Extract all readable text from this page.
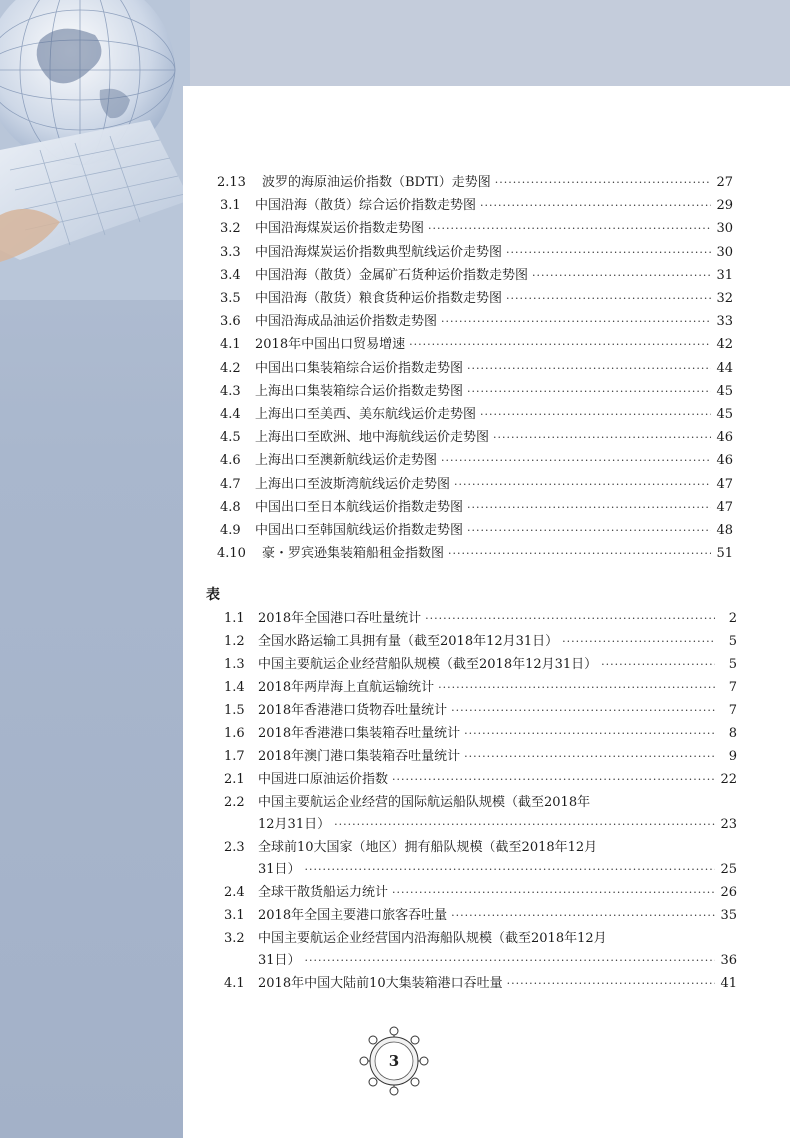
2.13	波罗的海原油运价指数（BDTI）走势图 ·····	27
3.1	中国沿海（散货）综合运价指数走势图 ·····	29
3.2	中国沿海煤炭运价指数走势图 ·····	30
3.3	中国沿海煤炭运价指数典型航线运价走势图 ·····	30
3.4	中国沿海（散货）金属矿石货种运价指数走势图 ·····	31
3.5	中国沿海（散货）粮食货种运价指数走势图 ·····	32
3.6	中国沿海成品油运价指数走势图 ·····	33
4.1	2018年中国出口贸易增速 ·····	42
4.2	中国出口集装箱综合运价指数走势图 ·····	44
4.3	上海出口集装箱综合运价指数走势图 ·····	45
4.4	上海出口至美西、美东航线运价走势图 ·····	45
4.5	上海出口至欧洲、地中海航线运价走势图 ·····	46
4.6	上海出口至澳新航线运价走势图 ·····	46
4.7	上海出口至波斯湾航线运价走势图 ·····	47
4.8	中国出口至日本航线运价指数走势图 ·····	47
4.9	中国出口至韩国航线运价指数走势图 ·····	48
4.10	豪・罗宾逊集装箱船租金指数图 ·····	51
表
1.1	2018年全国港口吞吐量统计 ·····	2
1.2	全国水路运输工具拥有量（截至2018年12月31日） ·····	5
1.3	中国主要航运企业经营船队规模（截至2018年12月31日） ·····	5
1.4	2018年两岸海上直航运输统计 ·····	7
1.5	2018年香港港口货物吞吐量统计 ·····	7
1.6	2018年香港港口集装箱吞吐量统计 ·····	8
1.7	2018年澳门港口集装箱吞吐量统计 ·····	9
2.1	中国进口原油运价指数 ·····	22
2.2	中国主要航运企业经营的国际航运船队规模（截至2018年
12月31日） ·····	23
2.3	全球前10大国家（地区）拥有船队规模（截至2018年12月
31日） ·····	25
2.4	全球干散货船运力统计 ·····	26
3.1	2018年全国主要港口旅客吞吐量 ·····	35
3.2	中国主要航运企业经营国内沿海船队规模（截至2018年12月
31日） ·····	36
4.1	2018年中国大陆前10大集装箱港口吞吐量 ·····	41
3
